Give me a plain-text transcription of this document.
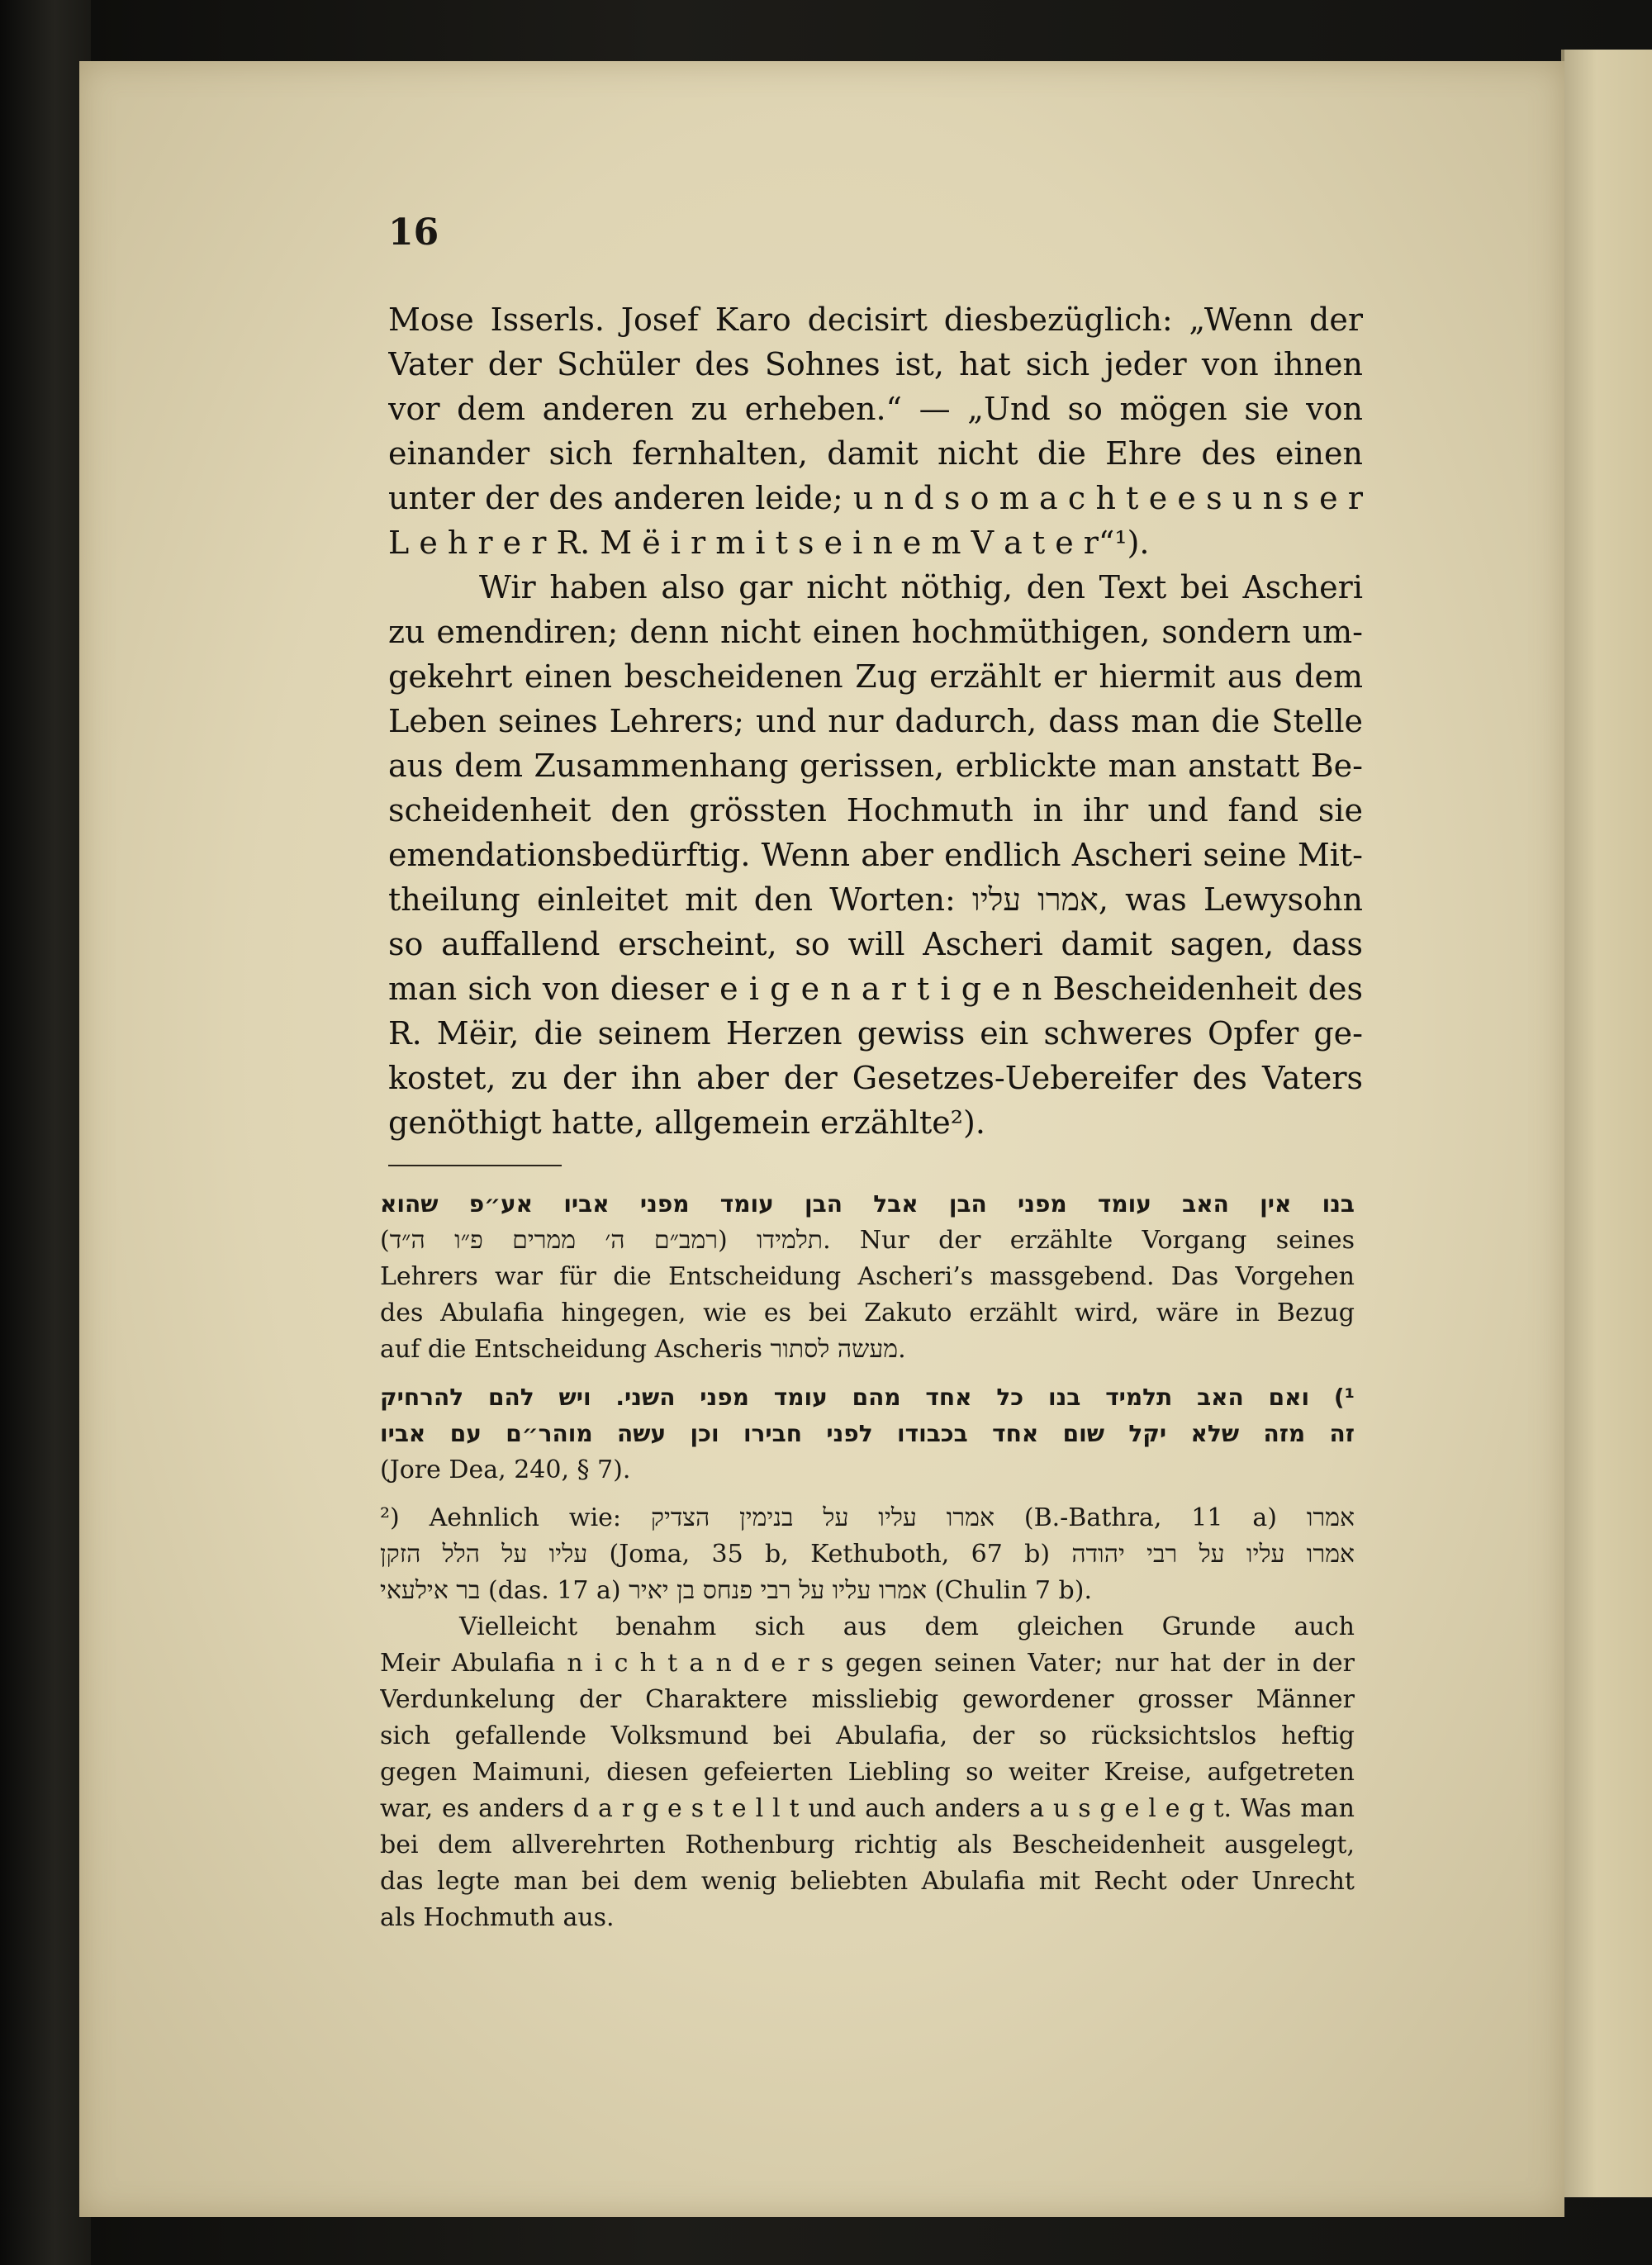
16
Mose Isserls. Josef Karo decisirt diesbezüglich: „Wenn der
Vater der Schüler des Sohnes ist, hat sich jeder von ihnen
vor dem anderen zu erheben.“ — „Und so mögen sie von
einander sich fernhalten, damit nicht die Ehre des einen
unter der des anderen leide; u n d s o m a c h t e e s u n s e r
L e h r e r R. M ë i r m i t s e i n e m V a t e r“¹).
Wir haben also gar nicht nöthig, den Text bei Ascheri
zu emendiren; denn nicht einen hochmüthigen, sondern um-
gekehrt einen bescheidenen Zug erzählt er hiermit aus dem
Leben seines Lehrers; und nur dadurch, dass man die Stelle
aus dem Zusammenhang gerissen, erblickte man anstatt Be-
scheidenheit den grössten Hochmuth in ihr und fand sie
emendationsbedürftig. Wenn aber endlich Ascheri seine Mit-
theilung einleitet mit den Worten: אמרו עליו, was Lewysohn
so auffallend erscheint, so will Ascheri damit sagen, dass
man sich von dieser e i g e n a r t i g e n Bescheidenheit des
R. Mëir, die seinem Herzen gewiss ein schweres Opfer ge-
kostet, zu der ihn aber der Gesetzes-Uebereifer des Vaters
genöthigt hatte, allgemein erzählte²).
בנו אין האב עומד מפני הבן אבל הבן עומד מפני אביו אע״פ שהוא
תלמידו (רמב״ם ה׳ ממרים פ״ו ה״ד). Nur der erzählte Vorgang seines
Lehrers war für die Entscheidung Ascheri’s massgebend. Das Vorgehen
des Abulafia hingegen, wie es bei Zakuto erzählt wird, wäre in Bezug
auf die Entscheidung Ascheris מעשה לסתור.
¹) ואם האב תלמיד בנו כל אחד מהם עומד מפני השני. ויש להם להרחיק
זה מזה שלא יקל שום אחד בכבודו לפני חבירו וכן עשה מוהר״ם עם אביו
(Jore Dea, 240, § 7).
²) Aehnlich wie: אמרו עליו על בנימין הצדיק (B.-Bathra, 11 a) אמרו
עליו על הלל הזקן (Joma, 35 b, Kethuboth, 67 b) אמרו עליו על רבי יהודה
בר אילעאי (das. 17 a) אמרו עליו על רבי פנחס בן יאיר (Chulin 7 b).
Vielleicht benahm sich aus dem gleichen Grunde auch
Meir Abulafia n i c h t a n d e r s gegen seinen Vater; nur hat der in der
Verdunkelung der Charaktere missliebig gewordener grosser Männer
sich gefallende Volksmund bei Abulafia, der so rücksichtslos heftig
gegen Maimuni, diesen gefeierten Liebling so weiter Kreise, aufgetreten
war, es anders d a r g e s t e l l t und auch anders a u s g e l e g t. Was man
bei dem allverehrten Rothenburg richtig als Bescheidenheit ausgelegt,
das legte man bei dem wenig beliebten Abulafia mit Recht oder Unrecht
als Hochmuth aus.
